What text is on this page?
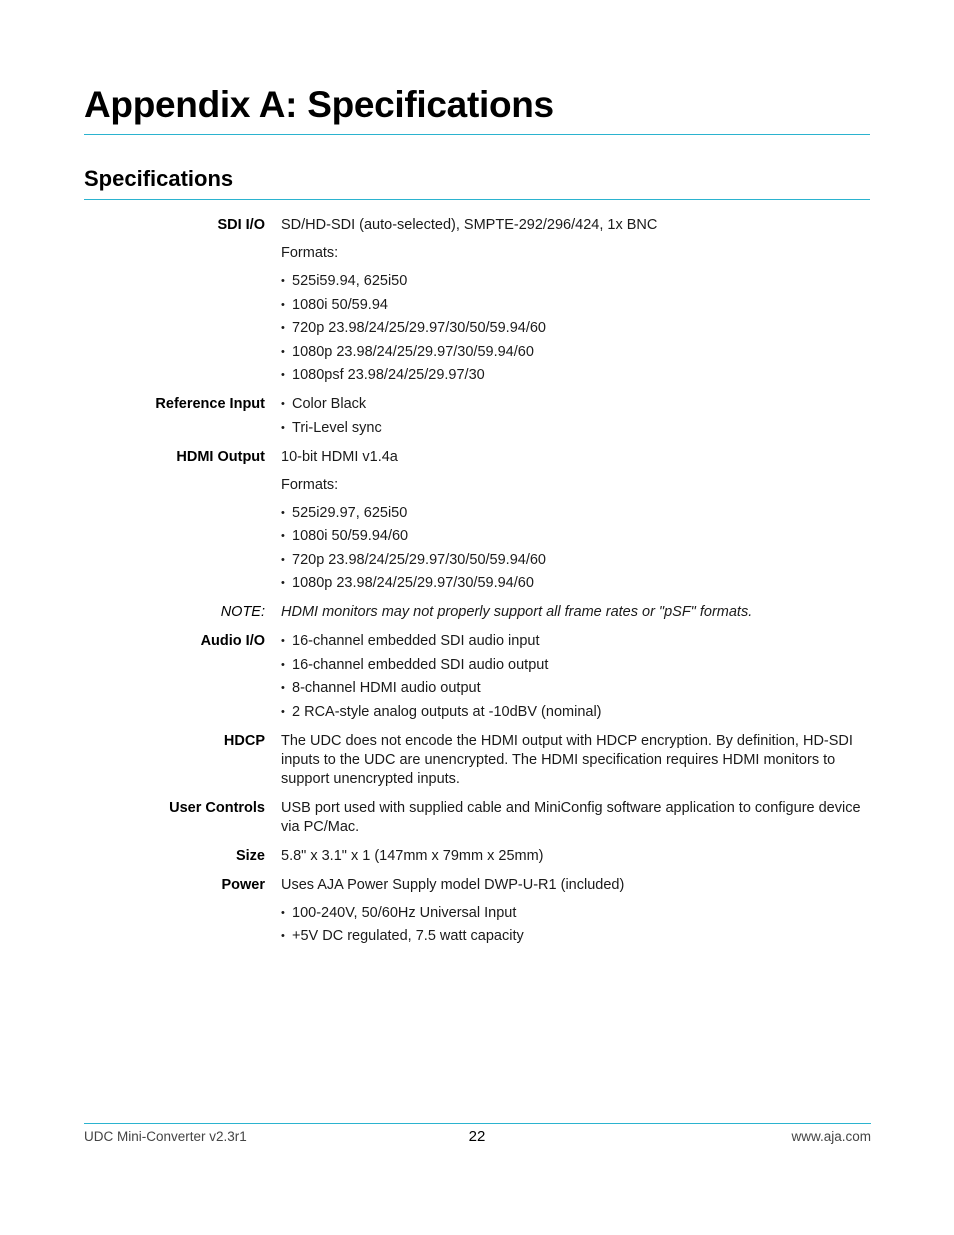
Appendix A: Specifications
Specifications
SDI I/O	SD/HD-SDI (auto-selected), SMPTE-292/296/424, 1x BNC

Formats:

• 525i59.94, 625i50
• 1080i 50/59.94
• 720p 23.98/24/25/29.97/30/50/59.94/60
• 1080p 23.98/24/25/29.97/30/59.94/60
• 1080psf 23.98/24/25/29.97/30
Reference Input	• Color Black
• Tri-Level sync
HDMI Output	10-bit HDMI v1.4a

Formats:

• 525i29.97, 625i50
• 1080i 50/59.94/60
• 720p 23.98/24/25/29.97/30/50/59.94/60
• 1080p 23.98/24/25/29.97/30/59.94/60
NOTE:	HDMI monitors may not properly support all frame rates or "pSF" formats.

Audio I/O	• 16-channel embedded SDI audio input
• 16-channel embedded SDI audio output
• 8-channel HDMI audio output
• 2 RCA-style analog outputs at -10dBV (nominal)
HDCP	The UDC does not encode the HDMI output with HDCP encryption. By definition, HD-SDI inputs to the UDC are unencrypted. The HDMI specification requires HDMI monitors to support unencrypted inputs.

User Controls	USB port used with supplied cable and MiniConfig software application to configure device via PC/Mac.

Size	5.8" x 3.1" x 1 (147mm x 79mm x 25mm)

Power	Uses AJA Power Supply model DWP-U-R1 (included)

• 100-240V, 50/60Hz Universal Input
• +5V DC regulated, 7.5 watt capacity
UDC Mini-Converter v2.3r1	22	www.aja.com
